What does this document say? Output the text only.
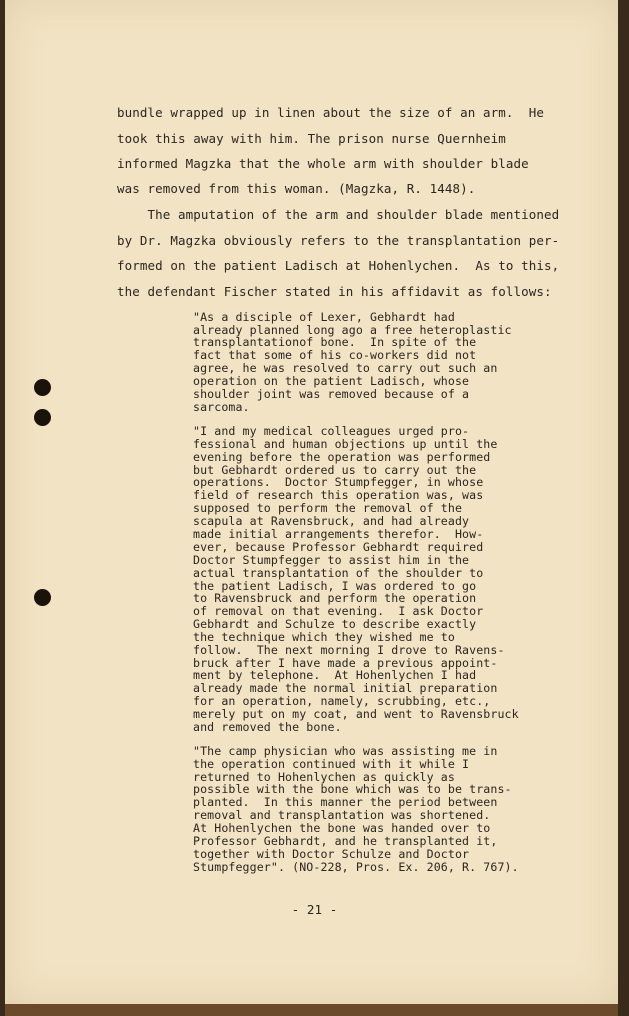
bundle wrapped up in linen about the size of an arm.  He
took this away with him. The prison nurse Quernheim
informed Magzka that the whole arm with shoulder blade
was removed from this woman. (Magzka, R. 1448).
The amputation of the arm and shoulder blade mentioned
by Dr. Magzka obviously refers to the transplantation per-
formed on the patient Ladisch at Hohenlychen.  As to this,
the defendant Fischer stated in his affidavit as follows:
"As a disciple of Lexer, Gebhardt had
already planned long ago a free heteroplastic
transplantationof bone.  In spite of the
fact that some of his co-workers did not
agree, he was resolved to carry out such an
operation on the patient Ladisch, whose
shoulder joint was removed because of a
sarcoma.
"I and my medical colleagues urged pro-
fessional and human objections up until the
evening before the operation was performed
but Gebhardt ordered us to carry out the
operations.  Doctor Stumpfegger, in whose
field of research this operation was, was
supposed to perform the removal of the
scapula at Ravensbruck, and had already
made initial arrangements therefor.  How-
ever, because Professor Gebhardt required
Doctor Stumpfegger to assist him in the
actual transplantation of the shoulder to
the patient Ladisch, I was ordered to go
to Ravensbruck and perform the operation
of removal on that evening.  I ask Doctor
Gebhardt and Schulze to describe exactly
the technique which they wished me to
follow.  The next morning I drove to Ravens-
bruck after I have made a previous appoint-
ment by telephone.  At Hohenlychen I had
already made the normal initial preparation
for an operation, namely, scrubbing, etc.,
merely put on my coat, and went to Ravensbruck
and removed the bone.
"The camp physician who was assisting me in
the operation continued with it while I
returned to Hohenlychen as quickly as
possible with the bone which was to be trans-
planted.  In this manner the period between
removal and transplantation was shortened.
At Hohenlychen the bone was handed over to
Professor Gebhardt, and he transplanted it,
together with Doctor Schulze and Doctor
Stumpfegger". (NO-228, Pros. Ex. 206, R. 767).
- 21 -
